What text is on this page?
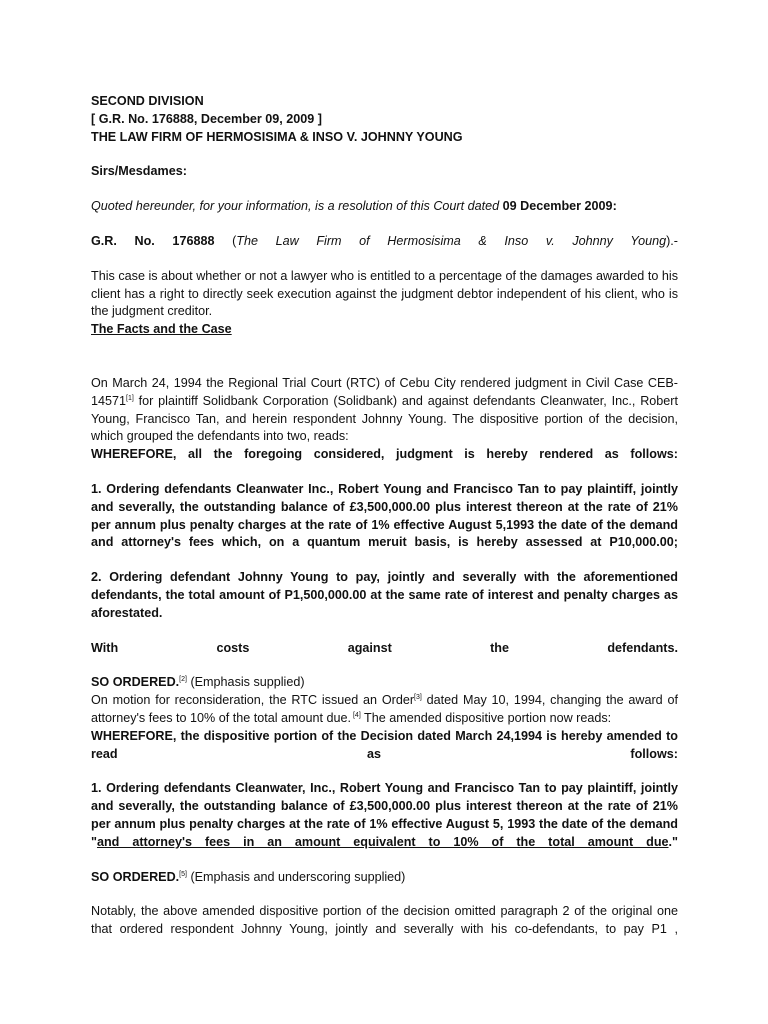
SECOND DIVISION

[ G.R. No. 176888, December 09, 2009 ]

THE LAW FIRM OF HERMOSISIMA & INSO V. JOHNNY YOUNG

Sirs/Mesdames:

Quoted hereunder, for your information, is a resolution of this Court dated 09 December 2009:

G.R. No. 176888 (The Law Firm of Hermosisima & Inso v. Johnny Young).-

This case is about whether or not a lawyer who is entitled to a percentage of the damages awarded to his client has a right to directly seek execution against the judgment debtor independent of his client, who is the judgment creditor.

The Facts and the Case

On March 24, 1994 the Regional Trial Court (RTC) of Cebu City rendered judgment in Civil Case CEB-14571[1] for plaintiff Solidbank Corporation (Solidbank) and against defendants Cleanwater, Inc., Robert Young, Francisco Tan, and herein respondent Johnny Young. The dispositive portion of the decision, which grouped the defendants into two, reads:

WHEREFORE, all the foregoing considered, judgment is hereby rendered as follows:

1. Ordering defendants Cleanwater Inc., Robert Young and Francisco Tan to pay plaintiff, jointly and severally, the outstanding balance of £3,500,000.00 plus interest thereon at the rate of 21% per annum plus penalty charges at the rate of 1% effective August 5,1993 the date of the demand and attorney's fees which, on a quantum meruit basis, is hereby assessed at P10,000.00;

2. Ordering defendant Johnny Young to pay, jointly and severally with the aforementioned defendants, the total amount of P1,500,000.00 at the same rate of interest and penalty charges as aforestated.

With	costs	against	the	defendants.

SO ORDERED.[2] (Emphasis supplied)

On motion for reconsideration, the RTC issued an Order[3] dated May 10, 1994, changing the award of attorney's fees to 10% of the total amount due. [4] The amended dispositive portion now reads:

WHEREFORE, the dispositive portion of the Decision dated March 24,1994 is hereby amended to read as follows:

1. Ordering defendants Cleanwater, Inc., Robert Young and Francisco Tan to pay plaintiff, jointly and severally, the outstanding balance of £3,500,000.00 plus interest thereon at the rate of 21% per annum plus penalty charges at the rate of 1% effective August 5, 1993 the date of the demand "and attorney's fees in an amount equivalent to 10% of the total amount due."

SO ORDERED.[5] (Emphasis and underscoring supplied)

Notably, the above amended dispositive portion of the decision omitted paragraph 2 of the original one that ordered respondent Johnny Young, jointly and severally with his co-defendants, to pay P1 ,
